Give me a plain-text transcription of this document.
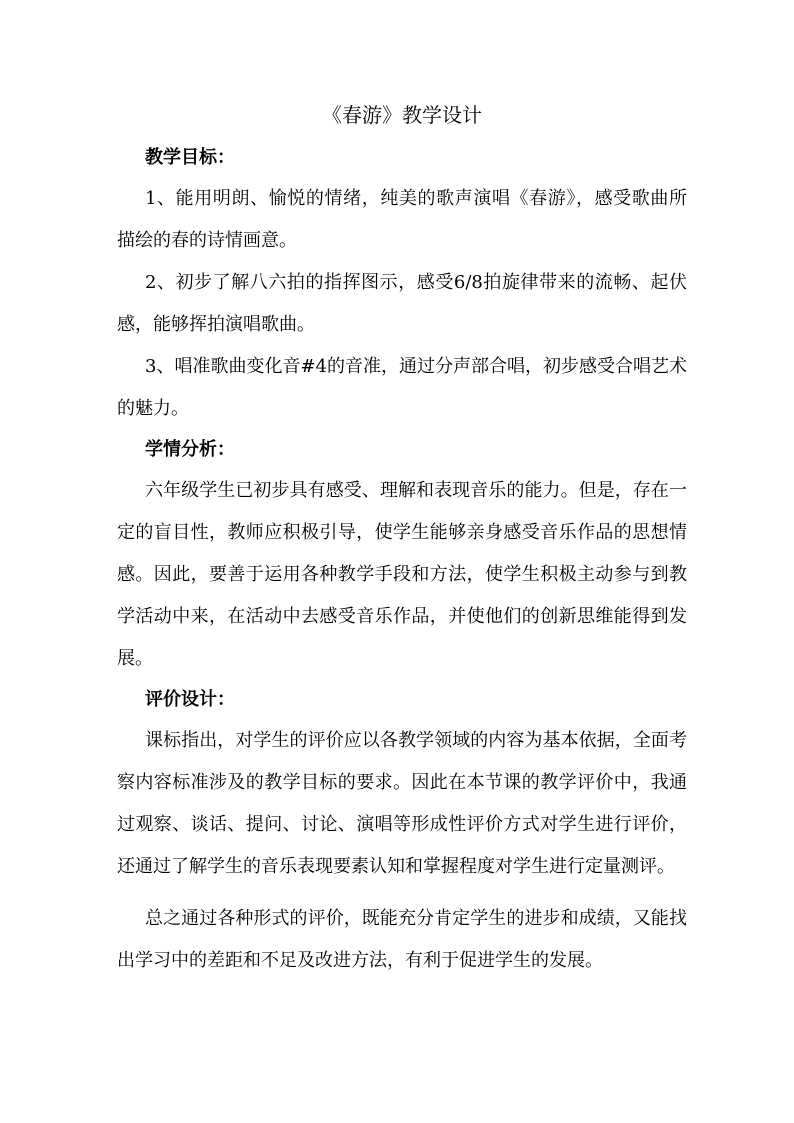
《春游》教学设计
教学目标：

1、能用明朗、愉悦的情绪，纯美的歌声演唱《春游》，感受歌曲所描绘的春的诗情画意。

2、初步了解八六拍的指挥图示，感受6/8拍旋律带来的流畅、起伏感，能够挥拍演唱歌曲。

3、唱准歌曲变化音#4的音准，通过分声部合唱，初步感受合唱艺术的魅力。

学情分析：

六年级学生已初步具有感受、理解和表现音乐的能力。但是，存在一定的盲目性，教师应积极引导，使学生能够亲身感受音乐作品的思想情感。因此，要善于运用各种教学手段和方法，使学生积极主动参与到教学活动中来，在活动中去感受音乐作品，并使他们的创新思维能得到发展。

评价设计：

课标指出，对学生的评价应以各教学领域的内容为基本依据，全面考察内容标准涉及的教学目标的要求。因此在本节课的教学评价中，我通过观察、谈话、提问、讨论、演唱等形成性评价方式对学生进行评价，还通过了解学生的音乐表现要素认知和掌握程度对学生进行定量测评。

总之通过各种形式的评价，既能充分肯定学生的进步和成绩，又能找出学习中的差距和不足及改进方法，有利于促进学生的发展。
